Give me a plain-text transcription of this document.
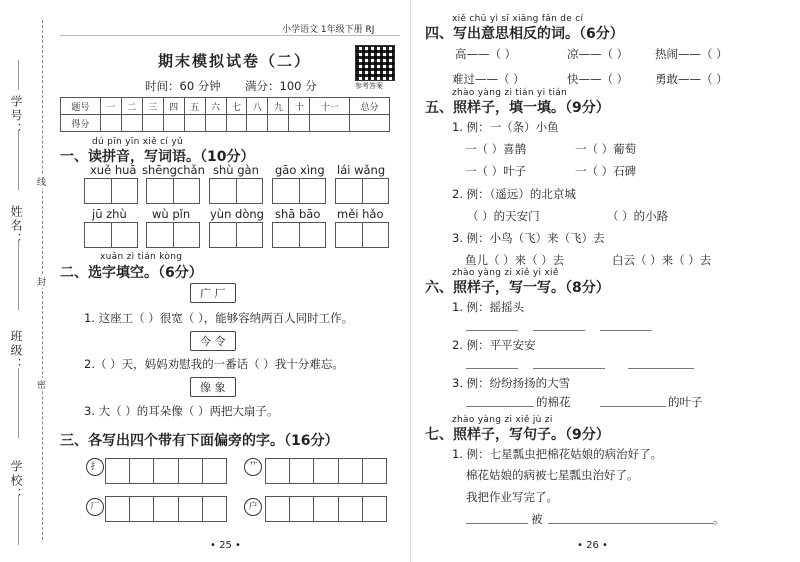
学号：
姓名：
班级：
学校：
线
封
密
小学语文 1年级下册 RJ
期末模拟试卷（二）
时间：60 分钟 满分：100 分	参考答案
题号	一	二	三	四	五	六	七	八	九	十	十一	总分
得分												
dú pīn yīn xiě cí yǔ
一、读拼音，写词语。（10分）
xuě huā shēngchǎn shù gàn gāo xìng lái wǎng
jū zhù wù pǐn yùn dòng shā bāo měi hǎo
xuǎn zì tián kòng
二、选字填空。（6分）
广 厂
1. 这座工（ ）很宽（ ），能够容纳两百人同时工作。
今 令
2.（ ）天，妈妈劝慰我的一番话（ ）我十分难忘。
像 象
3. 大（ ）的耳朵像（ ）两把大扇子。
三、各写出四个带有下面偏旁的字。（16分）
扌	艹
厂	户
• 25 •
xiě chū yì sī xiāng fǎn de cí
四、写出意思相反的词。（6分）
高——（ ）	凉——（ ） 热闹——（ ）
难过——（ ）	快——（ ） 勇敢——（ ）
zhào yàng zi tián yi tián
五、照样子，填一填。（9分）
1. 例：一（条）小鱼
一（ ）喜鹊	一（ ）葡萄
一（ ）叶子	一（ ）石碑
2. 例：（遥远）的北京城
（ ）的天安门	（ ）的小路
3. 例：小鸟（飞）来（飞）去
鱼儿（ ）来（ ）去	白云（ ）来（ ）去
zhào yàng zi xiě yi xiě
六、照样子，写一写。（8分）
1. 例：摇摇头
2. 例：平平安安
3. 例：纷纷扬扬的大雪
的棉花	的叶子
zhào yàng zi xiě jù zi
七、照样子，写句子。（9分）
1. 例：七星瓢虫把棉花姑娘的病治好了。
棉花姑娘的病被七星瓢虫治好了。
我把作业写完了。
被	。
• 26 •
